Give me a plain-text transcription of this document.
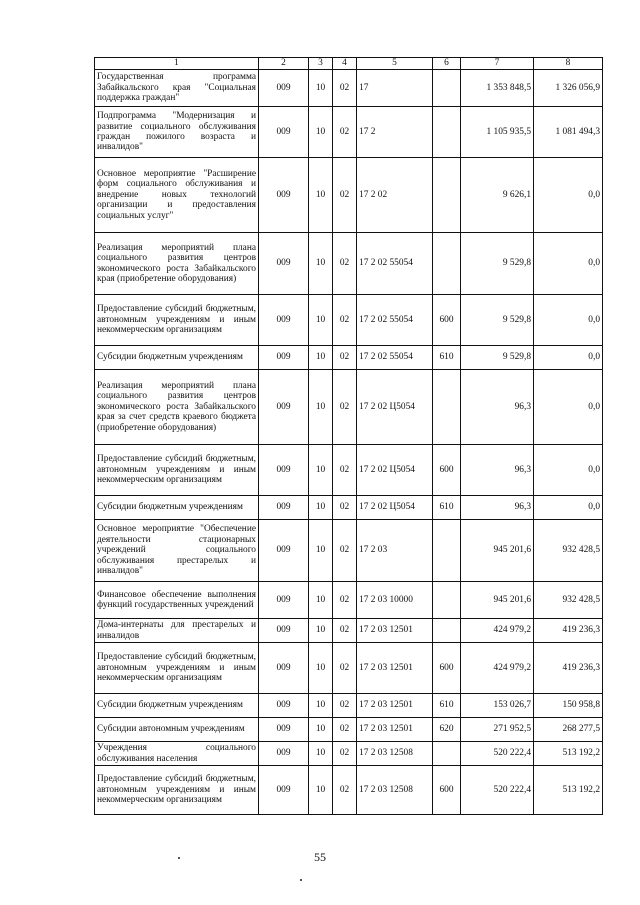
1	2	3	4	5	6	7	8
Государственная программа Забайкальского края "Социальная поддержка граждан"	009	10	02	17		1 353 848,5	1 326 056,9
Подпрограмма "Модернизация и развитие социального обслуживания граждан пожилого возраста и инвалидов"	009	10	02	17 2		1 105 935,5	1 081 494,3
Основное мероприятие "Расширение форм социального обслуживания и внедрение новых технологий организации и предоставления социальных услуг"	009	10	02	17 2 02		9 626,1	0,0
Реализация мероприятий плана социального развития центров экономического роста Забайкальского края (приобретение оборудования)	009	10	02	17 2 02 55054		9 529,8	0,0
Предоставление субсидий бюджетным, автономным учреждениям и иным некоммерческим организациям	009	10	02	17 2 02 55054	600	9 529,8	0,0
Субсидии бюджетным учреждениям	009	10	02	17 2 02 55054	610	9 529,8	0,0
Реализация мероприятий плана социального развития центров экономического роста Забайкальского края за счет средств краевого бюджета (приобретение оборудования)	009	10	02	17 2 02 Ц5054		96,3	0,0
Предоставление субсидий бюджетным, автономным учреждениям и иным некоммерческим организациям	009	10	02	17 2 02 Ц5054	600	96,3	0,0
Субсидии бюджетным учреждениям	009	10	02	17 2 02 Ц5054	610	96,3	0,0
Основное мероприятие "Обеспечение деятельности стационарных учреждений социального обслуживания престарелых и инвалидов"	009	10	02	17 2 03		945 201,6	932 428,5
Финансовое обеспечение выполнения функций государственных учреждений	009	10	02	17 2 03 10000		945 201,6	932 428,5
Дома-интернаты для престарелых и инвалидов	009	10	02	17 2 03 12501		424 979,2	419 236,3
Предоставление субсидий бюджетным, автономным учреждениям и иным некоммерческим организациям	009	10	02	17 2 03 12501	600	424 979,2	419 236,3
Субсидии бюджетным учреждениям	009	10	02	17 2 03 12501	610	153 026,7	150 958,8
Субсидии автономным учреждениям	009	10	02	17 2 03 12501	620	271 952,5	268 277,5
Учреждения социального обслуживания населения	009	10	02	17 2 03 12508		520 222,4	513 192,2
Предоставление субсидий бюджетным, автономным учреждениям и иным некоммерческим организациям	009	10	02	17 2 03 12508	600	520 222,4	513 192,2
55
